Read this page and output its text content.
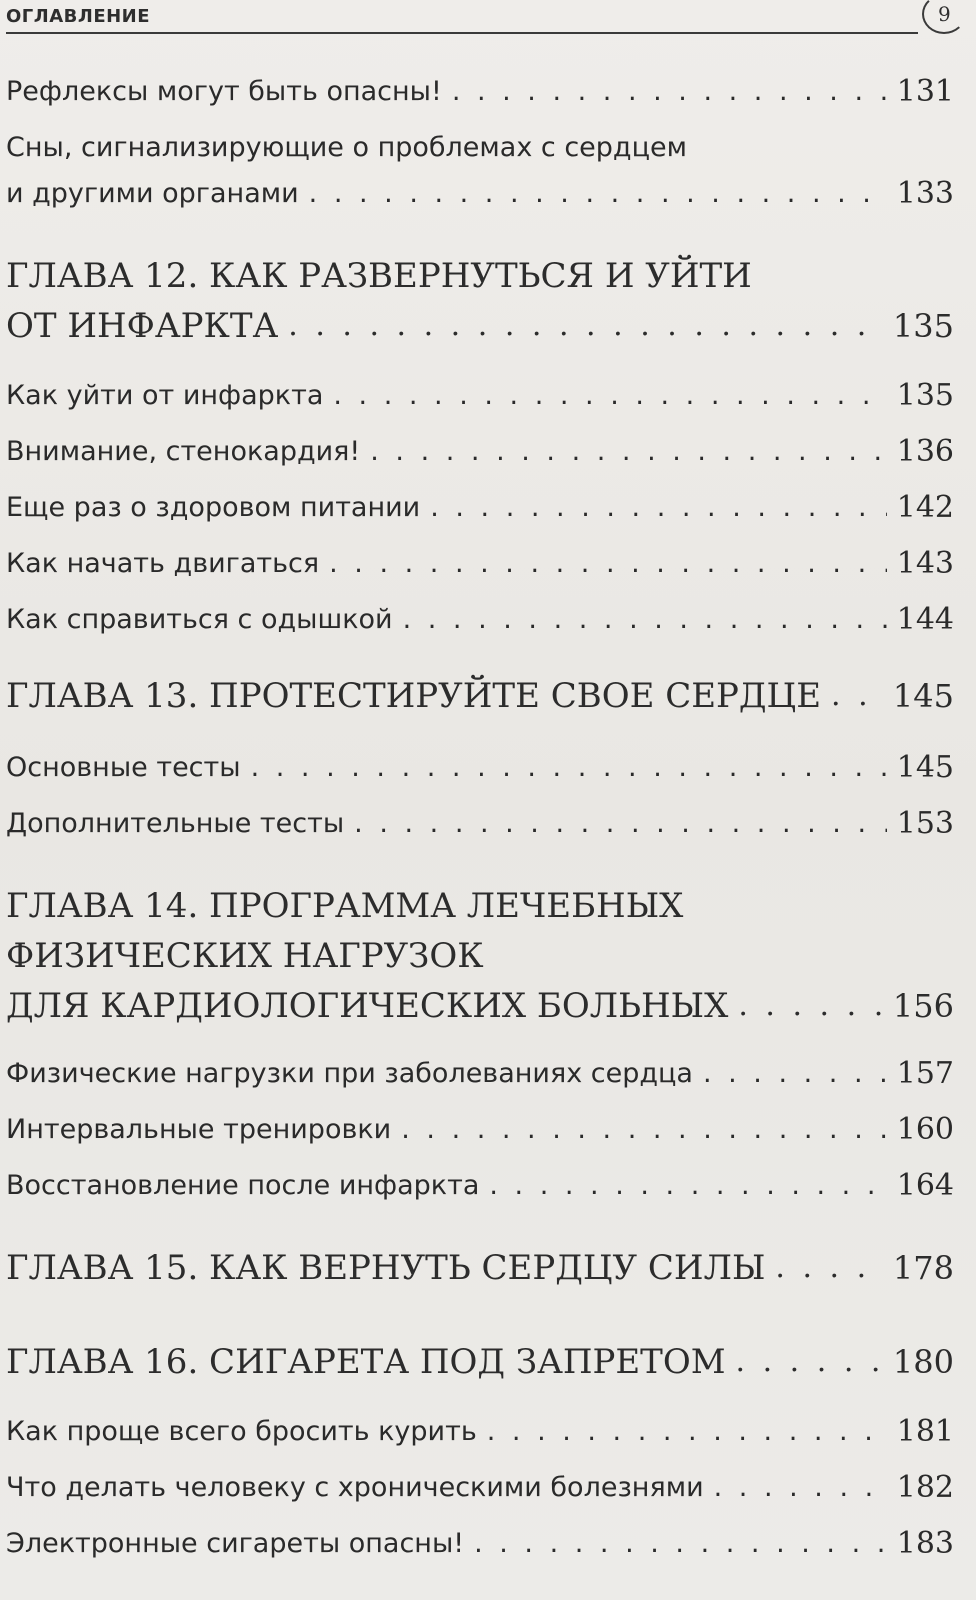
ОГЛАВЛЕНИЕ	9
Рефлексы могут быть опасны! . . .	131
Сны, сигнализирующие о проблемах с сердцем
и другими органами . . .	133
ГЛАВА 12. КАК РАЗВЕРНУТЬСЯ И УЙТИ
ОТ ИНФАРКТА . . .	135
Как уйти от инфаркта . . .	135
Внимание, стенокардия! . . .	136
Еще раз о здоровом питании . . .	142
Как начать двигаться . . .	143
Как справиться с одышкой . . .	144
ГЛАВА 13. ПРОТЕСТИРУЙТЕ СВОЕ СЕРДЦЕ . . . 145
Основные тесты . . .	145
Дополнительные тесты . . .	153
ГЛАВА 14. ПРОГРАММА ЛЕЧЕБНЫХ
ФИЗИЧЕСКИХ НАГРУЗОК
ДЛЯ КАРДИОЛОГИЧЕСКИХ БОЛЬНЫХ . . .	156
Физические нагрузки при заболеваниях сердца . . .	157
Интервальные тренировки . . .	160
Восстановление после инфаркта . . .	164
ГЛАВА 15. КАК ВЕРНУТЬ СЕРДЦУ СИЛЫ . . .	178
ГЛАВА 16. СИГАРЕТА ПОД ЗАПРЕТОМ . . .	180
Как проще всего бросить курить . . .	181
Что делать человеку с хроническими болезнями . . .	182
Электронные сигареты опасны! . . .	183
